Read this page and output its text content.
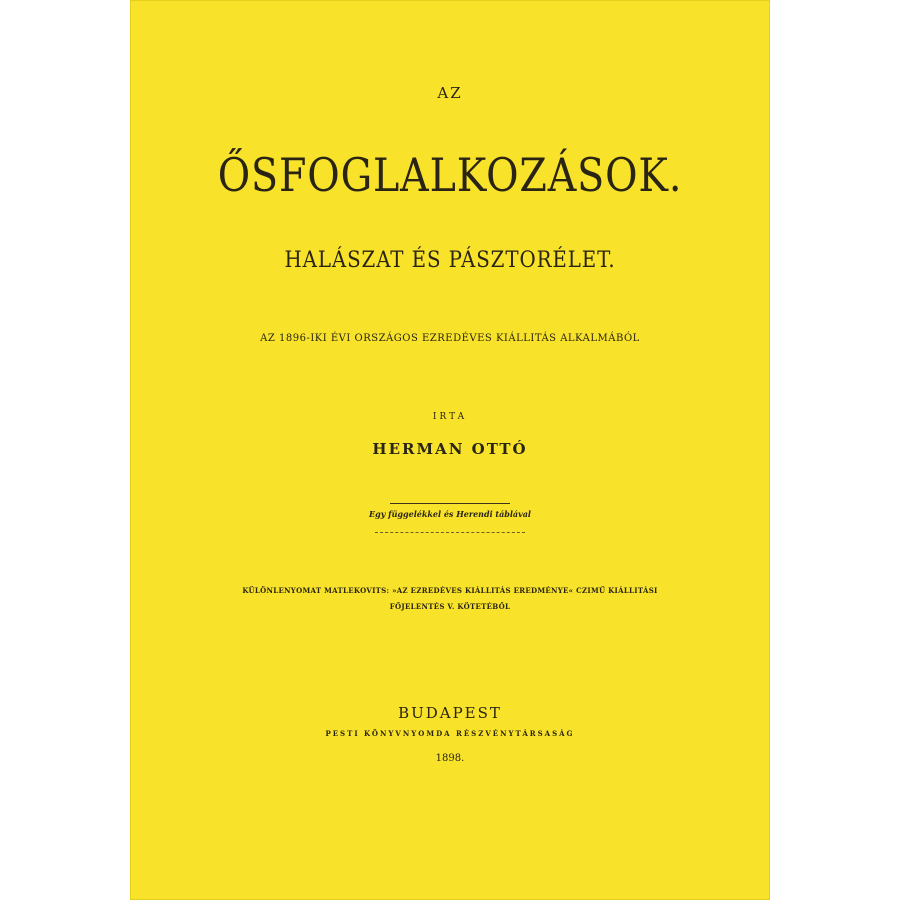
AZ
ŐSFOGLALKOZÁSOK.
HALÁSZAT ÉS PÁSZTORÉLET.
AZ 1896-IKI ÉVI ORSZÁGOS EZREDÉVES KIÁLLITÁS ALKALMÁBÓL
IRTA
HERMAN OTTÓ
Egy függelékkel és Herendi táblával
KÜLÖNLENYOMAT MATLEKOVITS: »AZ EZREDÉVES KIÁLLITÁS EREDMÉNYE« CZIMŰ KIÁLLITÁSI
FŐJELENTÉS V. KÖTETÉBŐL
BUDAPEST
PESTI KÖNYVNYOMDA RÉSZVÉNYTÁRSASÁG
1898.
